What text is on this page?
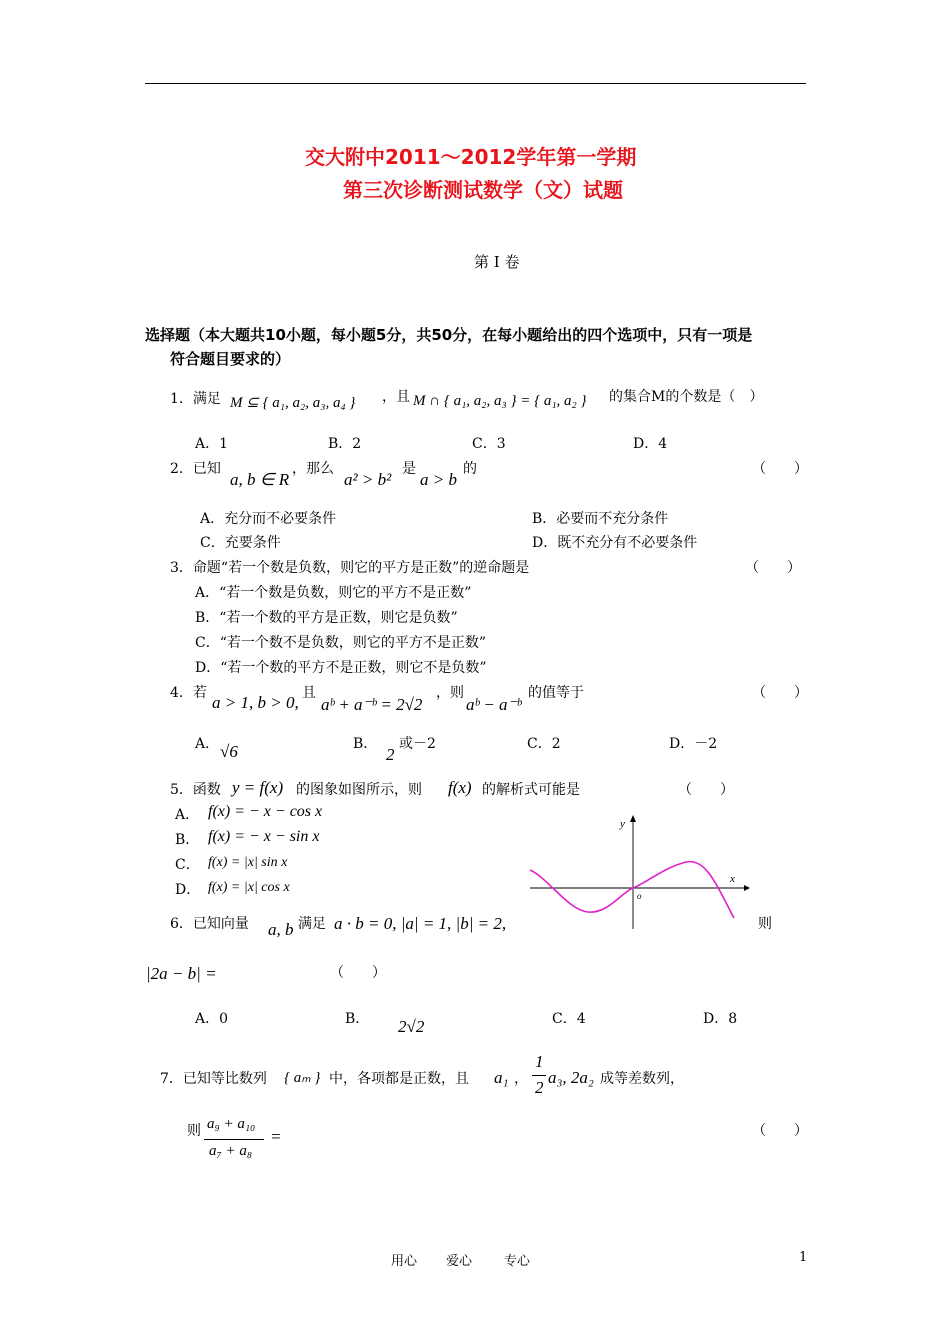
交大附中2011～2012学年第一学期
第三次诊断测试数学（文）试题
第 I 卷
选择题（本大题共10小题，每小题5分，共50分，在每小题给出的四个选项中，只有一项是
符合题目要求的）
1．满足 M ⊆ { a₁, a₂, a₃, a₄ } ，且 M ∩ { a₁, a₂, a₃ } = { a₁, a₂ } 的集合M的个数是（　）
A．1	B．2	C．3	D．4
2．已知
a, b ∈ R
，那么
a² > b²
是
a > b
的	（　　）
A．充分而不必要条件	B．必要而不充分条件
C．充要条件	D．既不充分有不必要条件
3．命题“若一个数是负数，则它的平方是正数”的逆命题是	（　　）
A．“若一个数是负数，则它的平方不是正数”
B．“若一个数的平方是正数，则它是负数”
C．“若一个数不是负数，则它的平方不是正数”
D．“若一个数的平方不是正数，则它不是负数”
4．若 a > 1, b > 0, 且
aᵇ + a⁻ᵇ = 2√2
，则
aᵇ − a⁻ᵇ
的值等于	（　　）
A． √6	B．
2
或－2	C．2	D．－2
5．函数 y = f(x) 的图象如图所示，则 f(x) 的解析式可能是	（　　）
A． f(x) = − x − cos x
B． f(x) = − x − sin x
C． f(x) = |x| sin x
D． f(x) = |x| cos x
y
x
o
6．已知向量 a, b 满足 a · b = 0, |a| = 1, |b| = 2,	则
|2a − b| =	（　　）
A．0	B． 2√2	C．4	D．8
7．已知等比数列 { aₘ } 中，各项都是正数，且 a₁ ，
1
2
a₃, 2a₂ 成等差数列，
则 a₉ + a₁₀
a₇ + a₈
=	（　　）
用心 爱心 专心	1
